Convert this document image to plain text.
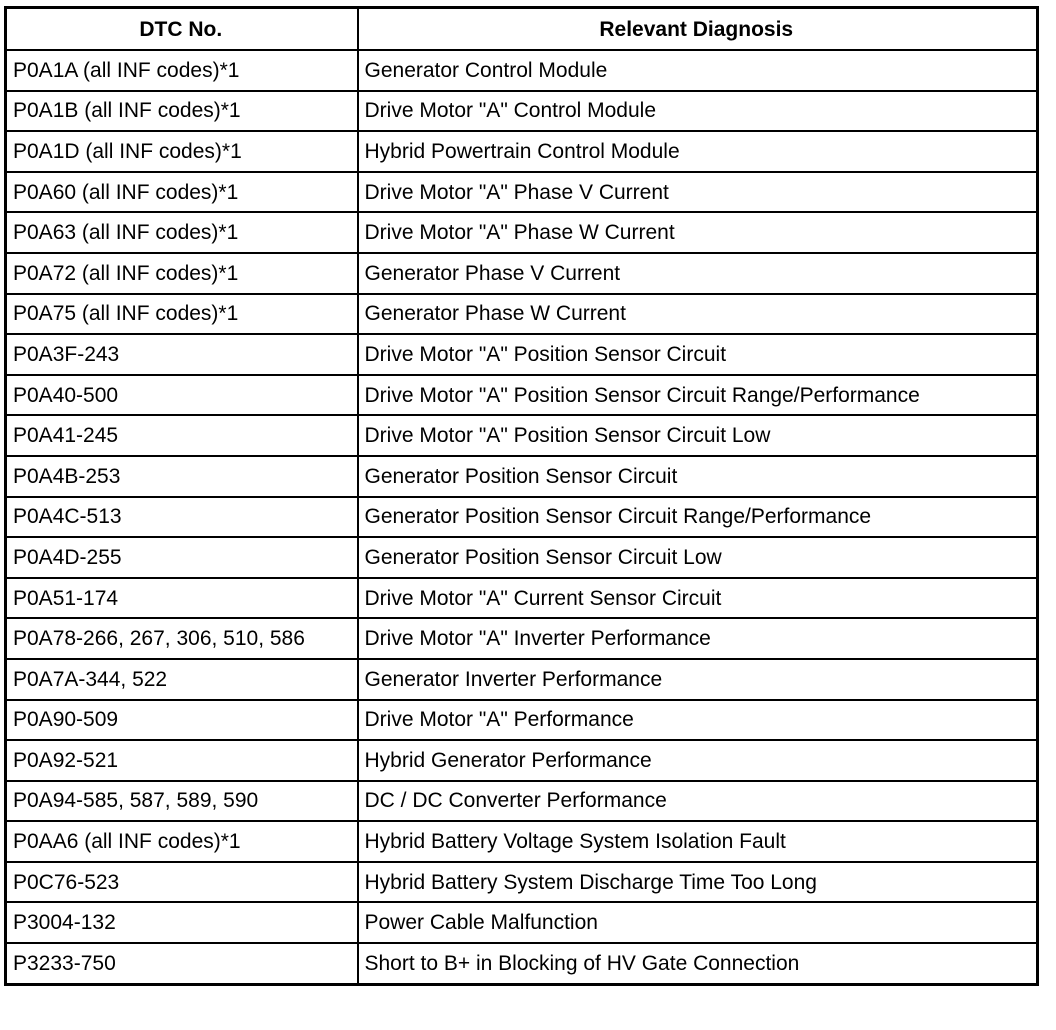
DTC No.	Relevant Diagnosis
P0A1A (all INF codes)*1	Generator Control Module
P0A1B (all INF codes)*1	Drive Motor "A" Control Module
P0A1D (all INF codes)*1	Hybrid Powertrain Control Module
P0A60 (all INF codes)*1	Drive Motor "A" Phase V Current
P0A63 (all INF codes)*1	Drive Motor "A" Phase W Current
P0A72 (all INF codes)*1	Generator Phase V Current
P0A75 (all INF codes)*1	Generator Phase W Current
P0A3F-243	Drive Motor "A" Position Sensor Circuit
P0A40-500	Drive Motor "A" Position Sensor Circuit Range/Performance
P0A41-245	Drive Motor "A" Position Sensor Circuit Low
P0A4B-253	Generator Position Sensor Circuit
P0A4C-513	Generator Position Sensor Circuit Range/Performance
P0A4D-255	Generator Position Sensor Circuit Low
P0A51-174	Drive Motor "A" Current Sensor Circuit
P0A78-266, 267, 306, 510, 586	Drive Motor "A" Inverter Performance
P0A7A-344, 522	Generator Inverter Performance
P0A90-509	Drive Motor "A" Performance
P0A92-521	Hybrid Generator Performance
P0A94-585, 587, 589, 590	DC / DC Converter Performance
P0AA6 (all INF codes)*1	Hybrid Battery Voltage System Isolation Fault
P0C76-523	Hybrid Battery System Discharge Time Too Long
P3004-132	Power Cable Malfunction
P3233-750	Short to B+ in Blocking of HV Gate Connection
